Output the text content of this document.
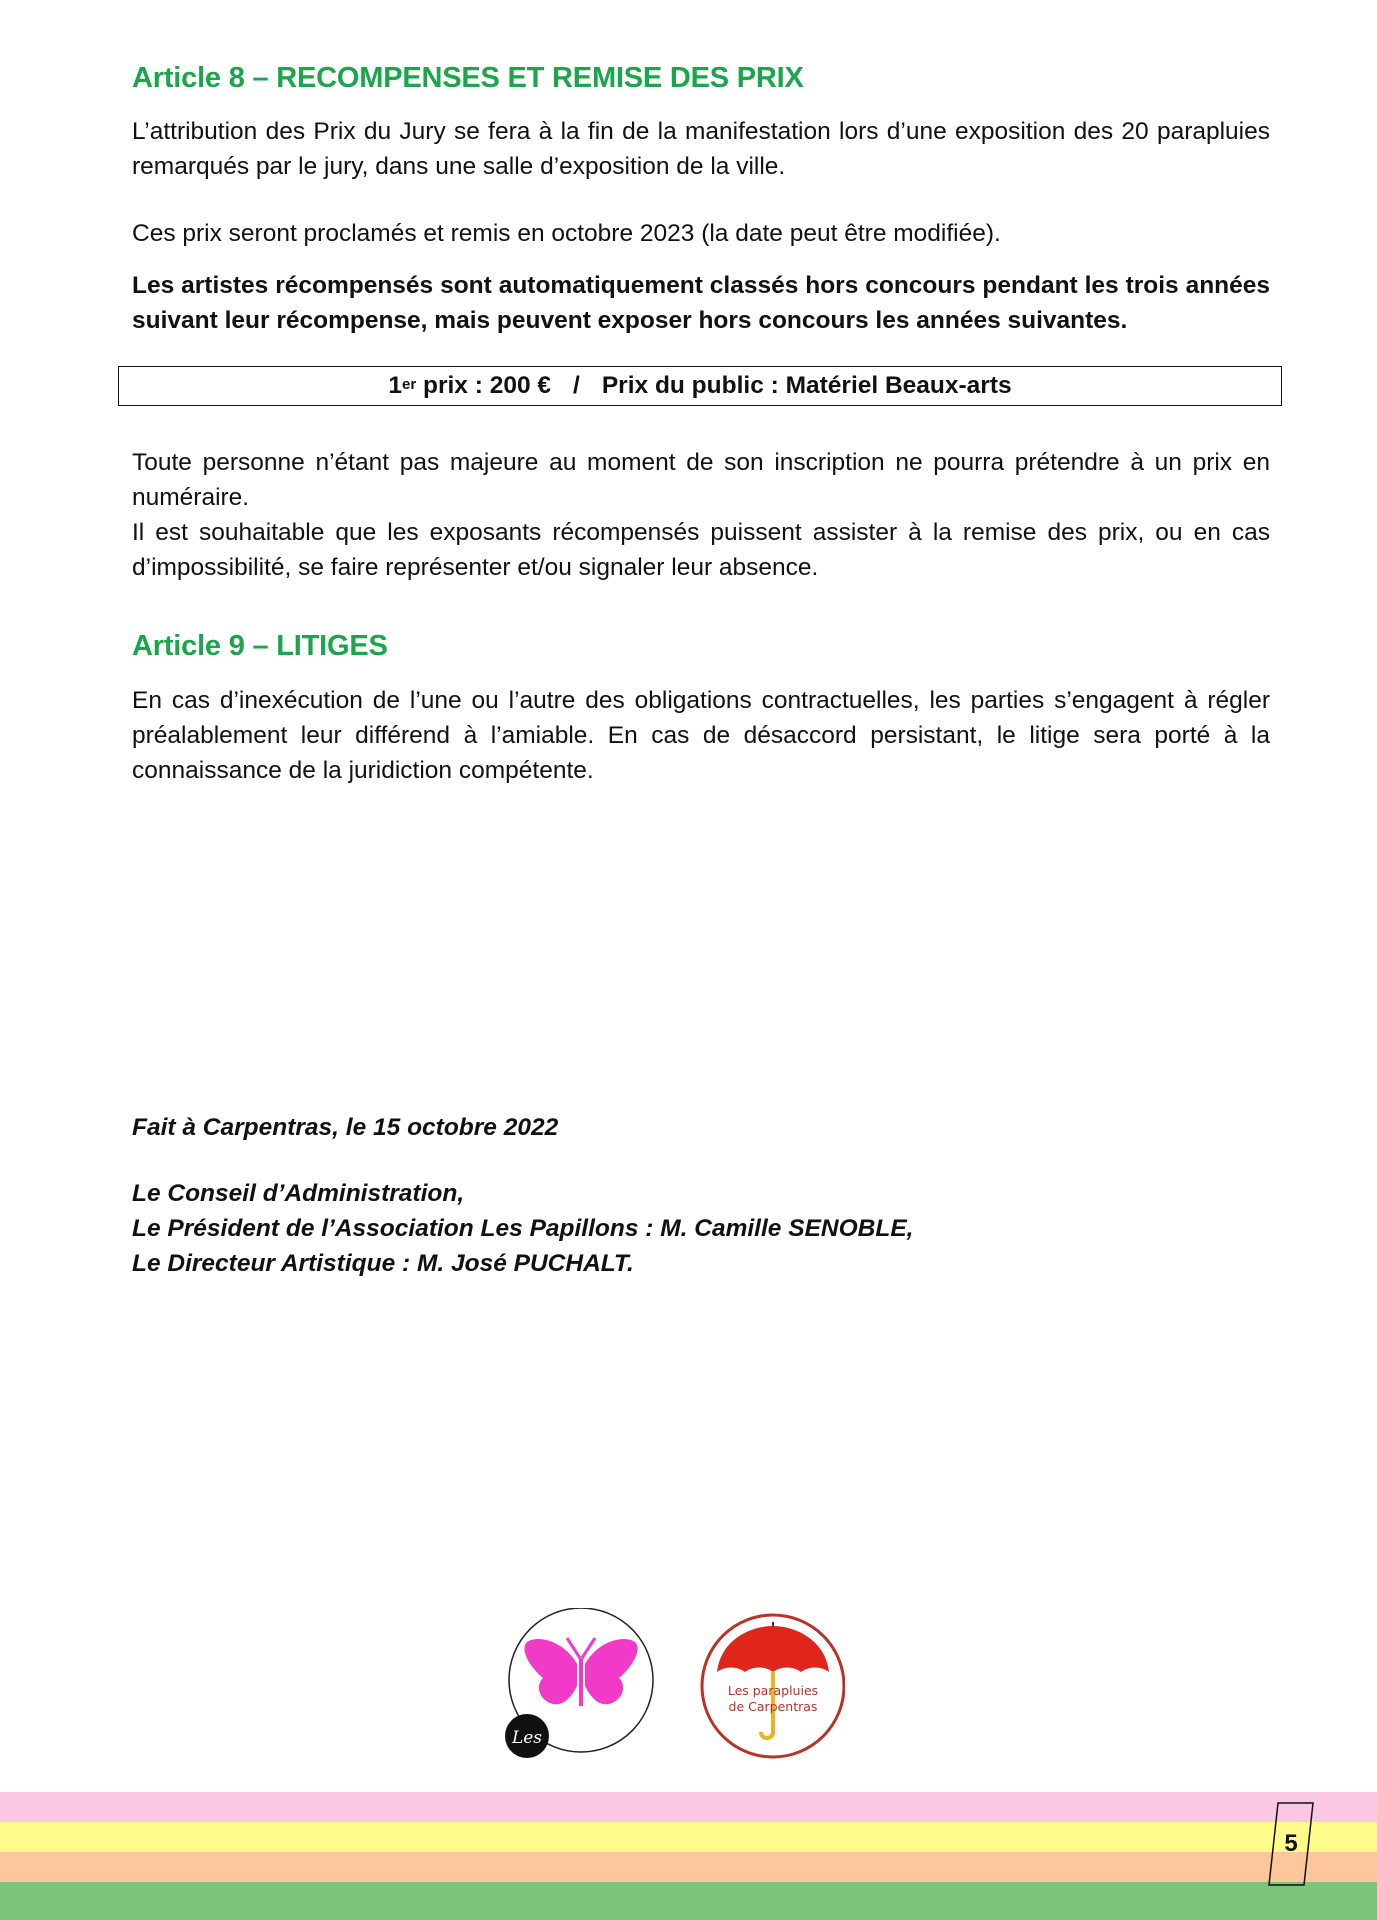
Article 8 – RECOMPENSES ET REMISE DES PRIX

L’attribution des Prix du Jury se fera à la fin de la manifestation lors d’une exposition des 20 parapluies remarqués par le jury, dans une salle d’exposition de la ville.

Ces prix seront proclamés et remis en octobre 2023 (la date peut être modifiée).

Les artistes récompensés sont automatiquement classés hors concours pendant les trois années suivant leur récompense, mais peuvent exposer hors concours les années suivantes.

1er prix : 200 € / Prix du public : Matériel Beaux-arts

Toute personne n’étant pas majeure au moment de son inscription ne pourra prétendre à un prix en numéraire.

Il est souhaitable que les exposants récompensés puissent assister à la remise des prix, ou en cas d’impossibilité, se faire représenter et/ou signaler leur absence.

Article 9 – LITIGES

En cas d’inexécution de l’une ou l’autre des obligations contractuelles, les parties s’engagent à régler préalablement leur différend à l’amiable. En cas de désaccord persistant, le litige sera porté à la connaissance de la juridiction compétente.

Fait à Carpentras, le 15 octobre 2022

Le Conseil d’Administration,

Le Président de l’Association Les Papillons : M. Camille SENOBLE,

Le Directeur Artistique : M. José PUCHALT.

Les
Les parapluies
de Carpentras
5
